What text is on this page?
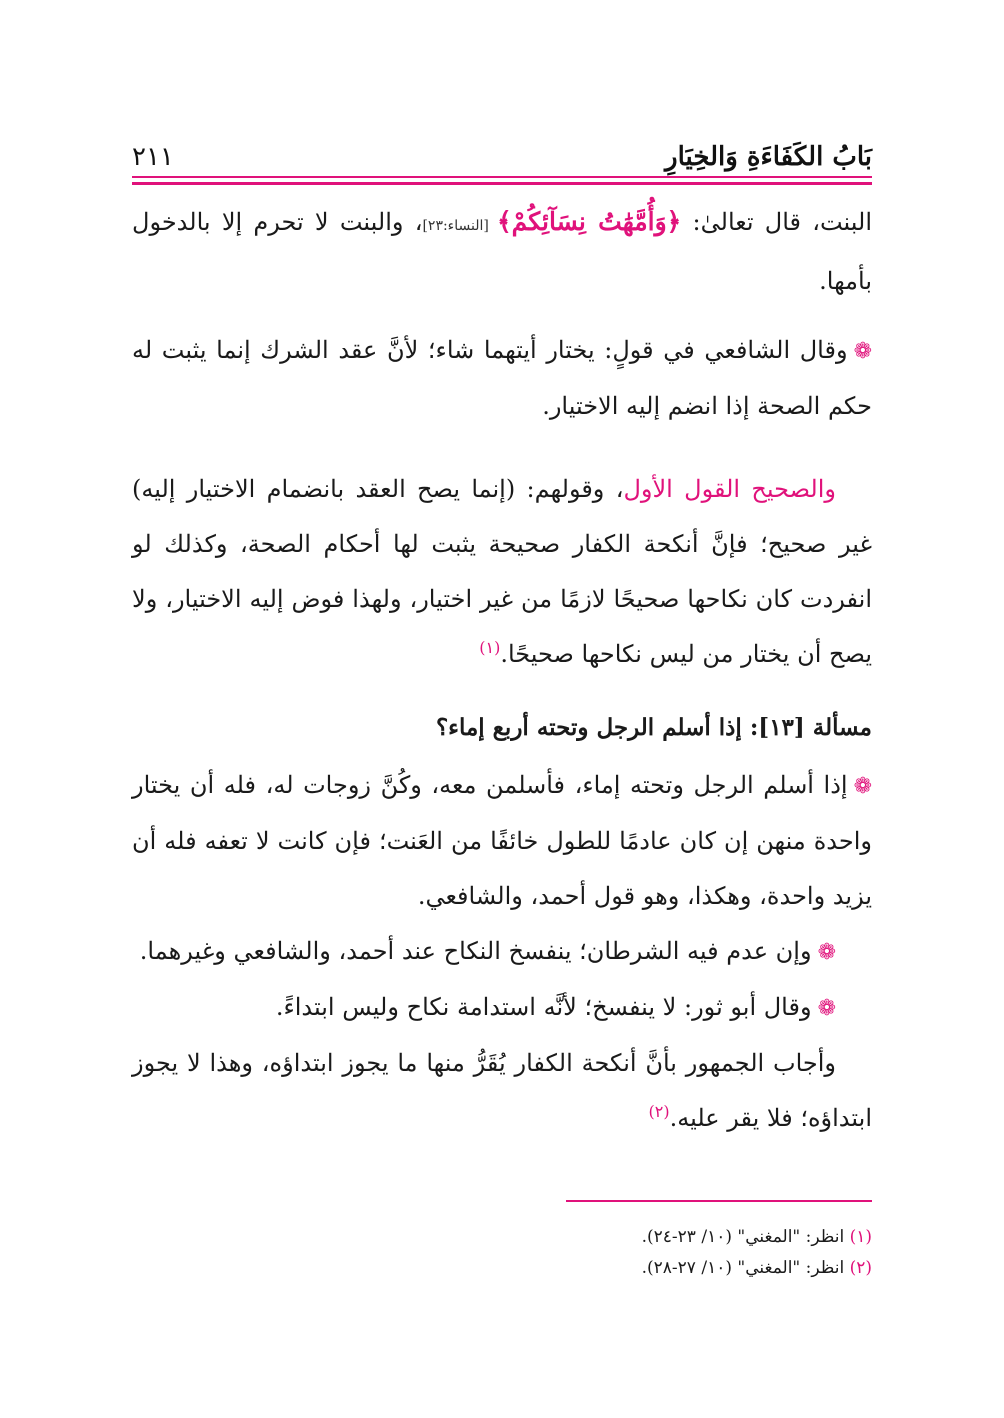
بَابُ الكَفَاءَةِ وَالخِيَارِ
٢١١

البنت، قال تعالىٰ: ﴿وَأُمَّهَٰتُ نِسَآئِكُمْ﴾ [النساء:٢٣]، والبنت لا تحرم إلا بالدخول بأمها.

❁وقال الشافعي في قولٍ: يختار أيتهما شاء؛ لأنَّ عقد الشرك إنما يثبت له حكم الصحة إذا انضم إليه الاختيار.

والصحيح القول الأول، وقولهم: (إنما يصح العقد بانضمام الاختيار إليه) غير صحيح؛ فإنَّ أنكحة الكفار صحيحة يثبت لها أحكام الصحة، وكذلك لو انفردت كان نكاحها صحيحًا لازمًا من غير اختيار، ولهذا فوض إليه الاختيار، ولا يصح أن يختار من ليس نكاحها صحيحًا.$^{(١)}$

مسألة [١٣]: إذا أسلم الرجل وتحته أربع إماء؟

❁إذا أسلم الرجل وتحته إماء، فأسلمن معه، وكُنَّ زوجات له، فله أن يختار واحدة منهن إن كان عادمًا للطول خائفًا من العَنت؛ فإن كانت لا تعفه فله أن يزيد واحدة، وهكذا، وهو قول أحمد، والشافعي.

❁وإن عدم فيه الشرطان؛ ينفسخ النكاح عند أحمد، والشافعي وغيرهما.

❁وقال أبو ثور: لا ينفسخ؛ لأنَّه استدامة نكاح وليس ابتداءً.

وأجاب الجمهور بأنَّ أنكحة الكفار يُقَرُّ منها ما يجوز ابتداؤه، وهذا لا يجوز ابتداؤه؛ فلا يقر عليه.$^{(٢)}$

(١) انظر: "المغني" (١٠/ ٢٣-٢٤).
(٢) انظر: "المغني" (١٠/ ٢٧-٢٨).
